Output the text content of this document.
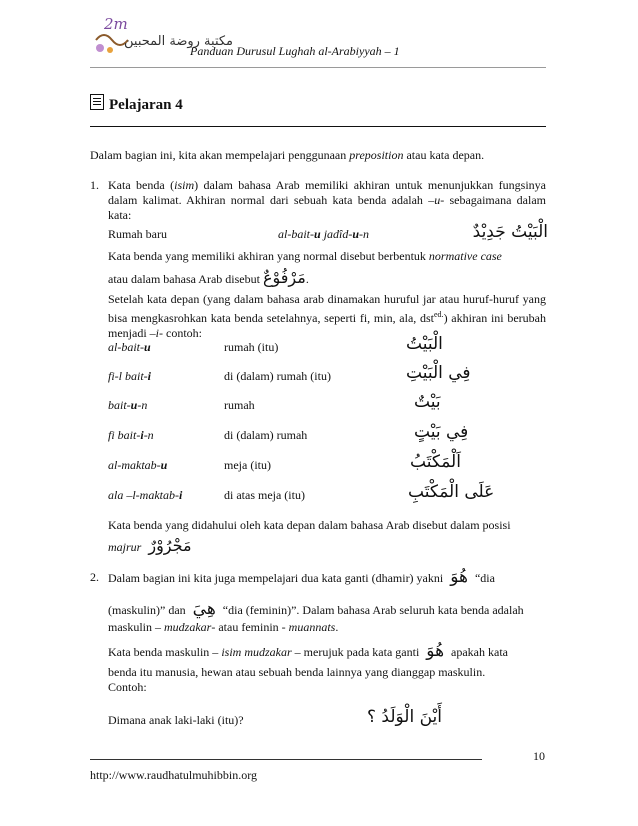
2m
مكتبة روضة المحبين
Panduan Durusul Lughah al-Arabiyyah – 1
Pelajaran 4
Dalam bagian ini, kita akan mempelajari penggunaan preposition atau kata depan.
1. Kata benda (isim) dalam bahasa Arab memiliki akhiran untuk menunjukkan fungsinya dalam kalimat. Akhiran normal dari sebuah kata benda adalah –u- sebagaimana dalam kata:
Rumah baru	al-bait-u jadîd-u-n	الْبَيْتُ جَدِيْدٌ
Kata benda yang memiliki akhiran yang normal disebut berbentuk normative case
atau dalam bahasa Arab disebut مَرْفُوْعٌ.
Setelah kata depan (yang dalam bahasa arab dinamakan huruful jar atau huruf-huruf yang bisa mengkasrohkan kata benda setelahnya, seperti fi, min, ala, dst$^{ed.}$) akhiran ini berubah menjadi –i- contoh:
al-bait-u	rumah (itu)	الْبَيْتُ
fi-l bait-i	di (dalam) rumah (itu)	فِي الْبَيْتِ
bait-u-n	rumah	بَيْتٌ
fi bait-i-n	di (dalam) rumah	فِي بَيْتٍ
al-maktab-u	meja (itu)	اَلْمَكْتَبُ
ala –l-maktab-i	di atas meja (itu)	عَلَى الْمَكْتَبِ
Kata benda yang didahului oleh kata depan dalam bahasa Arab disebut dalam posisi
majrur مَجْرُوْرٌ
2. Dalam bagian ini kita juga mempelajari dua kata ganti (dhamir) yakni هُوَ “dia
(maskulin)” dan هِيَ “dia (feminin)”. Dalam bahasa Arab seluruh kata benda adalah
maskulin – mudzakar- atau feminin - muannats.
Kata benda maskulin – isim mudzakar – merujuk pada kata ganti هُوَ apakah kata
benda itu manusia, hewan atau sebuah benda lainnya yang dianggap maskulin.
Contoh:
Dimana anak laki-laki (itu)?	أَيْنَ الْوَلَدُ ؟
10
http://www.raudhatulmuhibbin.org
